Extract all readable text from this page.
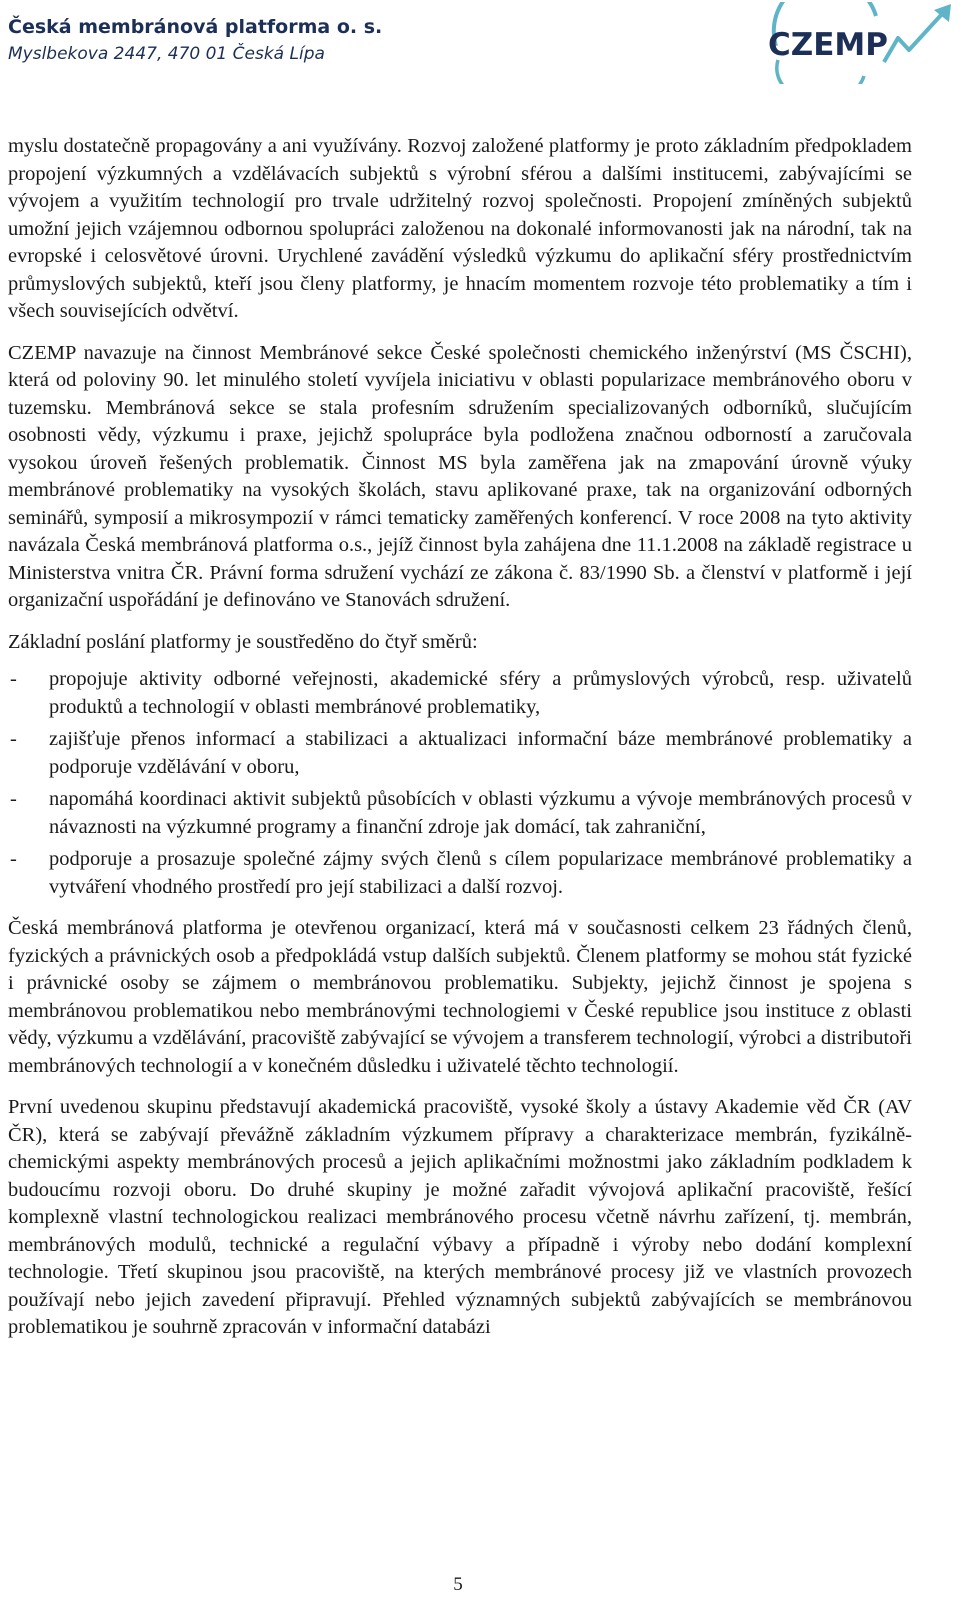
Česká membránová platforma o. s.
Myslbekova 2447, 470 01 Česká Lípa	CZEMP

myslu dostatečně propagovány a ani využívány. Rozvoj založené platformy je proto základním předpokladem propojení výzkumných a vzdělávacích subjektů s výrobní sférou a dalšími institucemi, zabývajícími se vývojem a využitím technologií pro trvale udržitelný rozvoj společnosti. Propojení zmíněných subjektů umožní jejich vzájemnou odbornou spolupráci založenou na dokonalé informovanosti jak na národní, tak na evropské i celosvětové úrovni. Urychlené zavádění výsledků výzkumu do aplikační sféry prostřednictvím průmyslových subjektů, kteří jsou členy platformy, je hnacím momentem rozvoje této problematiky a tím i všech souvisejících odvětví.

CZEMP navazuje na činnost Membránové sekce České společnosti chemického inženýrství (MS ČSCHI), která od poloviny 90. let minulého století vyvíjela iniciativu v oblasti popularizace membránového oboru v tuzemsku. Membránová sekce se stala profesním sdružením specializovaných odborníků, slučujícím osobnosti vědy, výzkumu i praxe, jejichž spolupráce byla podložena značnou odborností a zaručovala vysokou úroveň řešených problematik. Činnost MS byla zaměřena jak na zmapování úrovně výuky membránové problematiky na vysokých školách, stavu aplikované praxe, tak na organizování odborných seminářů, symposií a mikrosympozií v rámci tematicky zaměřených konferencí. V roce 2008 na tyto aktivity navázala Česká membránová platforma o.s., jejíž činnost byla zahájena dne 11.1.2008 na základě registrace u Ministerstva vnitra ČR. Právní forma sdružení vychází ze zákona č. 83/1990 Sb. a členství v platformě i její organizační uspořádání je definováno ve Stanovách sdružení.

Základní poslání platformy je soustředěno do čtyř směrů:

- propojuje aktivity odborné veřejnosti, akademické sféry a průmyslových výrobců, resp. uživatelů produktů a technologií v oblasti membránové problematiky,
- zajišťuje přenos informací a stabilizaci a aktualizaci informační báze membránové problematiky a podporuje vzdělávání v oboru,
- napomáhá koordinaci aktivit subjektů působících v oblasti výzkumu a vývoje membránových procesů v návaznosti na výzkumné programy a finanční zdroje jak domácí, tak zahraniční,
- podporuje a prosazuje společné zájmy svých členů s cílem popularizace membránové problematiky a vytváření vhodného prostředí pro její stabilizaci a další rozvoj.

Česká membránová platforma je otevřenou organizací, která má v současnosti celkem 23 řádných členů, fyzických a právnických osob a předpokládá vstup dalších subjektů. Členem platformy se mohou stát fyzické i právnické osoby se zájmem o membránovou problematiku. Subjekty, jejichž činnost je spojena s membránovou problematikou nebo membránovými technologiemi v České republice jsou instituce z oblasti vědy, výzkumu a vzdělávání, pracoviště zabývající se vývojem a transferem technologií, výrobci a distributoři membránových technologií a v konečném důsledku i uživatelé těchto technologií.

První uvedenou skupinu představují akademická pracoviště, vysoké školy a ústavy Akademie věd ČR (AV ČR), která se zabývají převážně základním výzkumem přípravy a charakterizace membrán, fyzikálně-chemickými aspekty membránových procesů a jejich aplikačními možnostmi jako základním podkladem k budoucímu rozvoji oboru. Do druhé skupiny je možné zařadit vývojová aplikační pracoviště, řešící komplexně vlastní technologickou realizaci membránového procesu včetně návrhu zařízení, tj. membrán, membránových modulů, technické a regulační výbavy a případně i výroby nebo dodání komplexní technologie. Třetí skupinou jsou pracoviště, na kterých membránové procesy již ve vlastních provozech používají nebo jejich zavedení připravují. Přehled významných subjektů zabývajících se membránovou problematikou je souhrně zpracován v informační databázi

5
